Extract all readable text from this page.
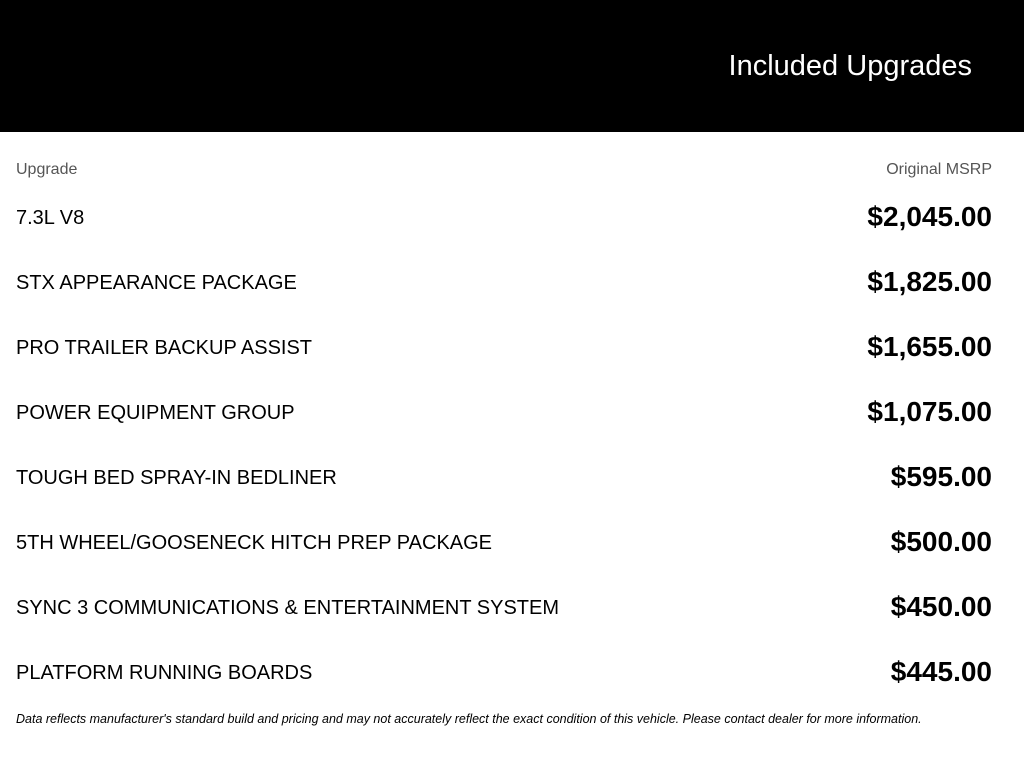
Included Upgrades
Upgrade	Original MSRP
7.3L V8	$2,045.00
STX APPEARANCE PACKAGE	$1,825.00
PRO TRAILER BACKUP ASSIST	$1,655.00
POWER EQUIPMENT GROUP	$1,075.00
TOUGH BED SPRAY-IN BEDLINER	$595.00
5TH WHEEL/GOOSENECK HITCH PREP PACKAGE	$500.00
SYNC 3 COMMUNICATIONS & ENTERTAINMENT SYSTEM	$450.00
PLATFORM RUNNING BOARDS	$445.00
Data reflects manufacturer's standard build and pricing and may not accurately reflect the exact condition of this vehicle. Please contact dealer for more information.
